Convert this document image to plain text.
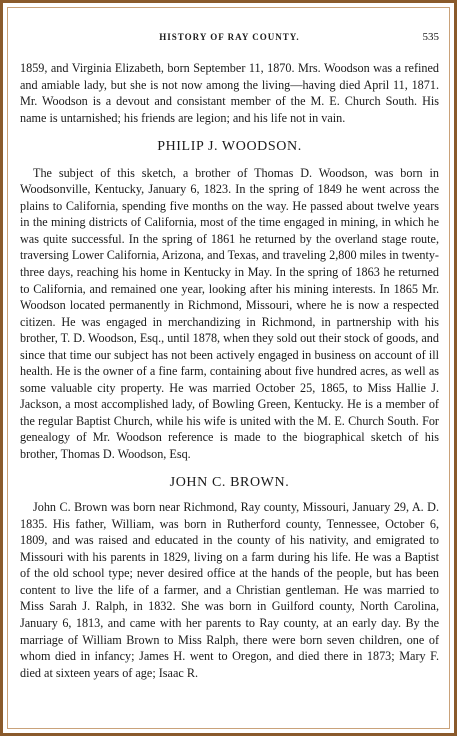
HISTORY OF RAY COUNTY.	535

1859, and Virginia Elizabeth, born September 11, 1870. Mrs. Woodson was a refined and amiable lady, but she is not now among the living—having died April 11, 1871. Mr. Woodson is a devout and consistant member of the M. E. Church South. His name is untarnished; his friends are legion; and his life not in vain.

PHILIP J. WOODSON.

The subject of this sketch, a brother of Thomas D. Woodson, was born in Woodsonville, Kentucky, January 6, 1823. In the spring of 1849 he went across the plains to California, spending five months on the way. He passed about twelve years in the mining districts of California, most of the time engaged in mining, in which he was quite successful. In the spring of 1861 he returned by the overland stage route, traversing Lower California, Arizona, and Texas, and traveling 2,800 miles in twenty-three days, reaching his home in Kentucky in May. In the spring of 1863 he returned to California, and remained one year, looking after his mining interests. In 1865 Mr. Woodson located permanently in Richmond, Missouri, where he is now a respected citizen. He was engaged in merchandizing in Richmond, in partnership with his brother, T. D. Woodson, Esq., until 1878, when they sold out their stock of goods, and since that time our subject has not been actively engaged in business on account of ill health. He is the owner of a fine farm, containing about five hundred acres, as well as some valuable city property. He was married October 25, 1865, to Miss Hallie J. Jackson, a most accomplished lady, of Bowling Green, Kentucky. He is a member of the regular Baptist Church, while his wife is united with the M. E. Church South. For genealogy of Mr. Woodson reference is made to the biographical sketch of his brother, Thomas D. Woodson, Esq.

JOHN C. BROWN.

John C. Brown was born near Richmond, Ray county, Missouri, January 29, A. D. 1835. His father, William, was born in Rutherford county, Tennessee, October 6, 1809, and was raised and educated in the county of his nativity, and emigrated to Missouri with his parents in 1829, living on a farm during his life. He was a Baptist of the old school type; never desired office at the hands of the people, but has been content to live the life of a farmer, and a Christian gentleman. He was married to Miss Sarah J. Ralph, in 1832. She was born in Guilford county, North Carolina, January 6, 1813, and came with her parents to Ray county, at an early day. By the marriage of William Brown to Miss Ralph, there were born seven children, one of whom died in infancy; James H. went to Oregon, and died there in 1873; Mary F. died at sixteen years of age; Isaac R.
